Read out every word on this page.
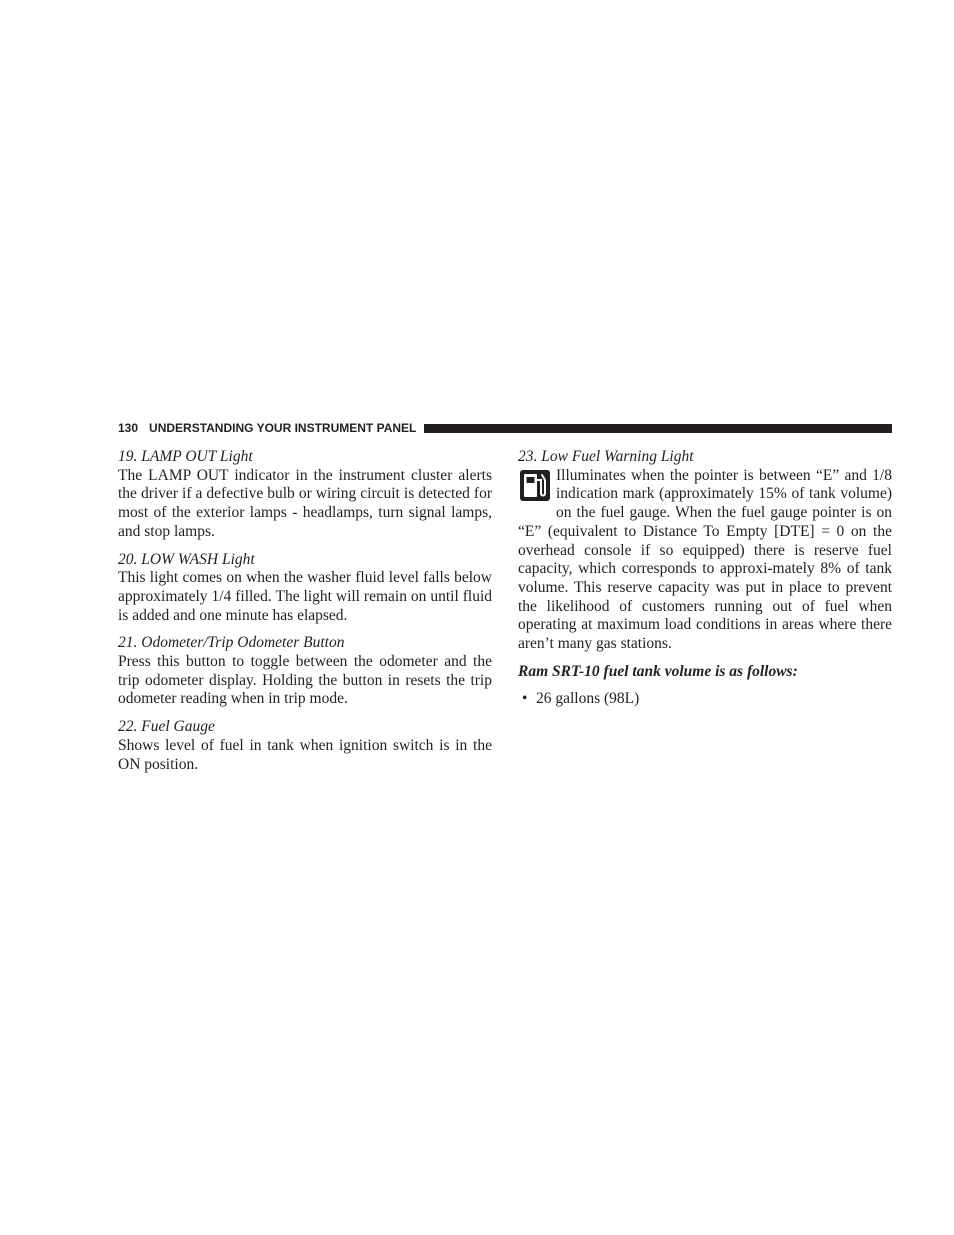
130 UNDERSTANDING YOUR INSTRUMENT PANEL
19. LAMP OUT Light
The LAMP OUT indicator in the instrument cluster alerts the driver if a defective bulb or wiring circuit is detected for most of the exterior lamps - headlamps, turn signal lamps, and stop lamps.
20. LOW WASH Light
This light comes on when the washer fluid level falls below approximately 1/4 filled. The light will remain on until fluid is added and one minute has elapsed.
21. Odometer/Trip Odometer Button
Press this button to toggle between the odometer and the trip odometer display. Holding the button in resets the trip odometer reading when in trip mode.
22. Fuel Gauge
Shows level of fuel in tank when ignition switch is in the ON position.
23. Low Fuel Warning Light
Illuminates when the pointer is between “E” and 1/8 indication mark (approximately 15% of tank volume) on the fuel gauge. When the fuel gauge pointer is on “E” (equivalent to Distance To Empty [DTE] = 0 on the overhead console if so equipped) there is reserve fuel capacity, which corresponds to approxi-mately 8% of tank volume. This reserve capacity was put in place to prevent the likelihood of customers running out of fuel when operating at maximum load conditions in areas where there aren’t many gas stations.
Ram SRT-10 fuel tank volume is as follows:
• 26 gallons (98L)
